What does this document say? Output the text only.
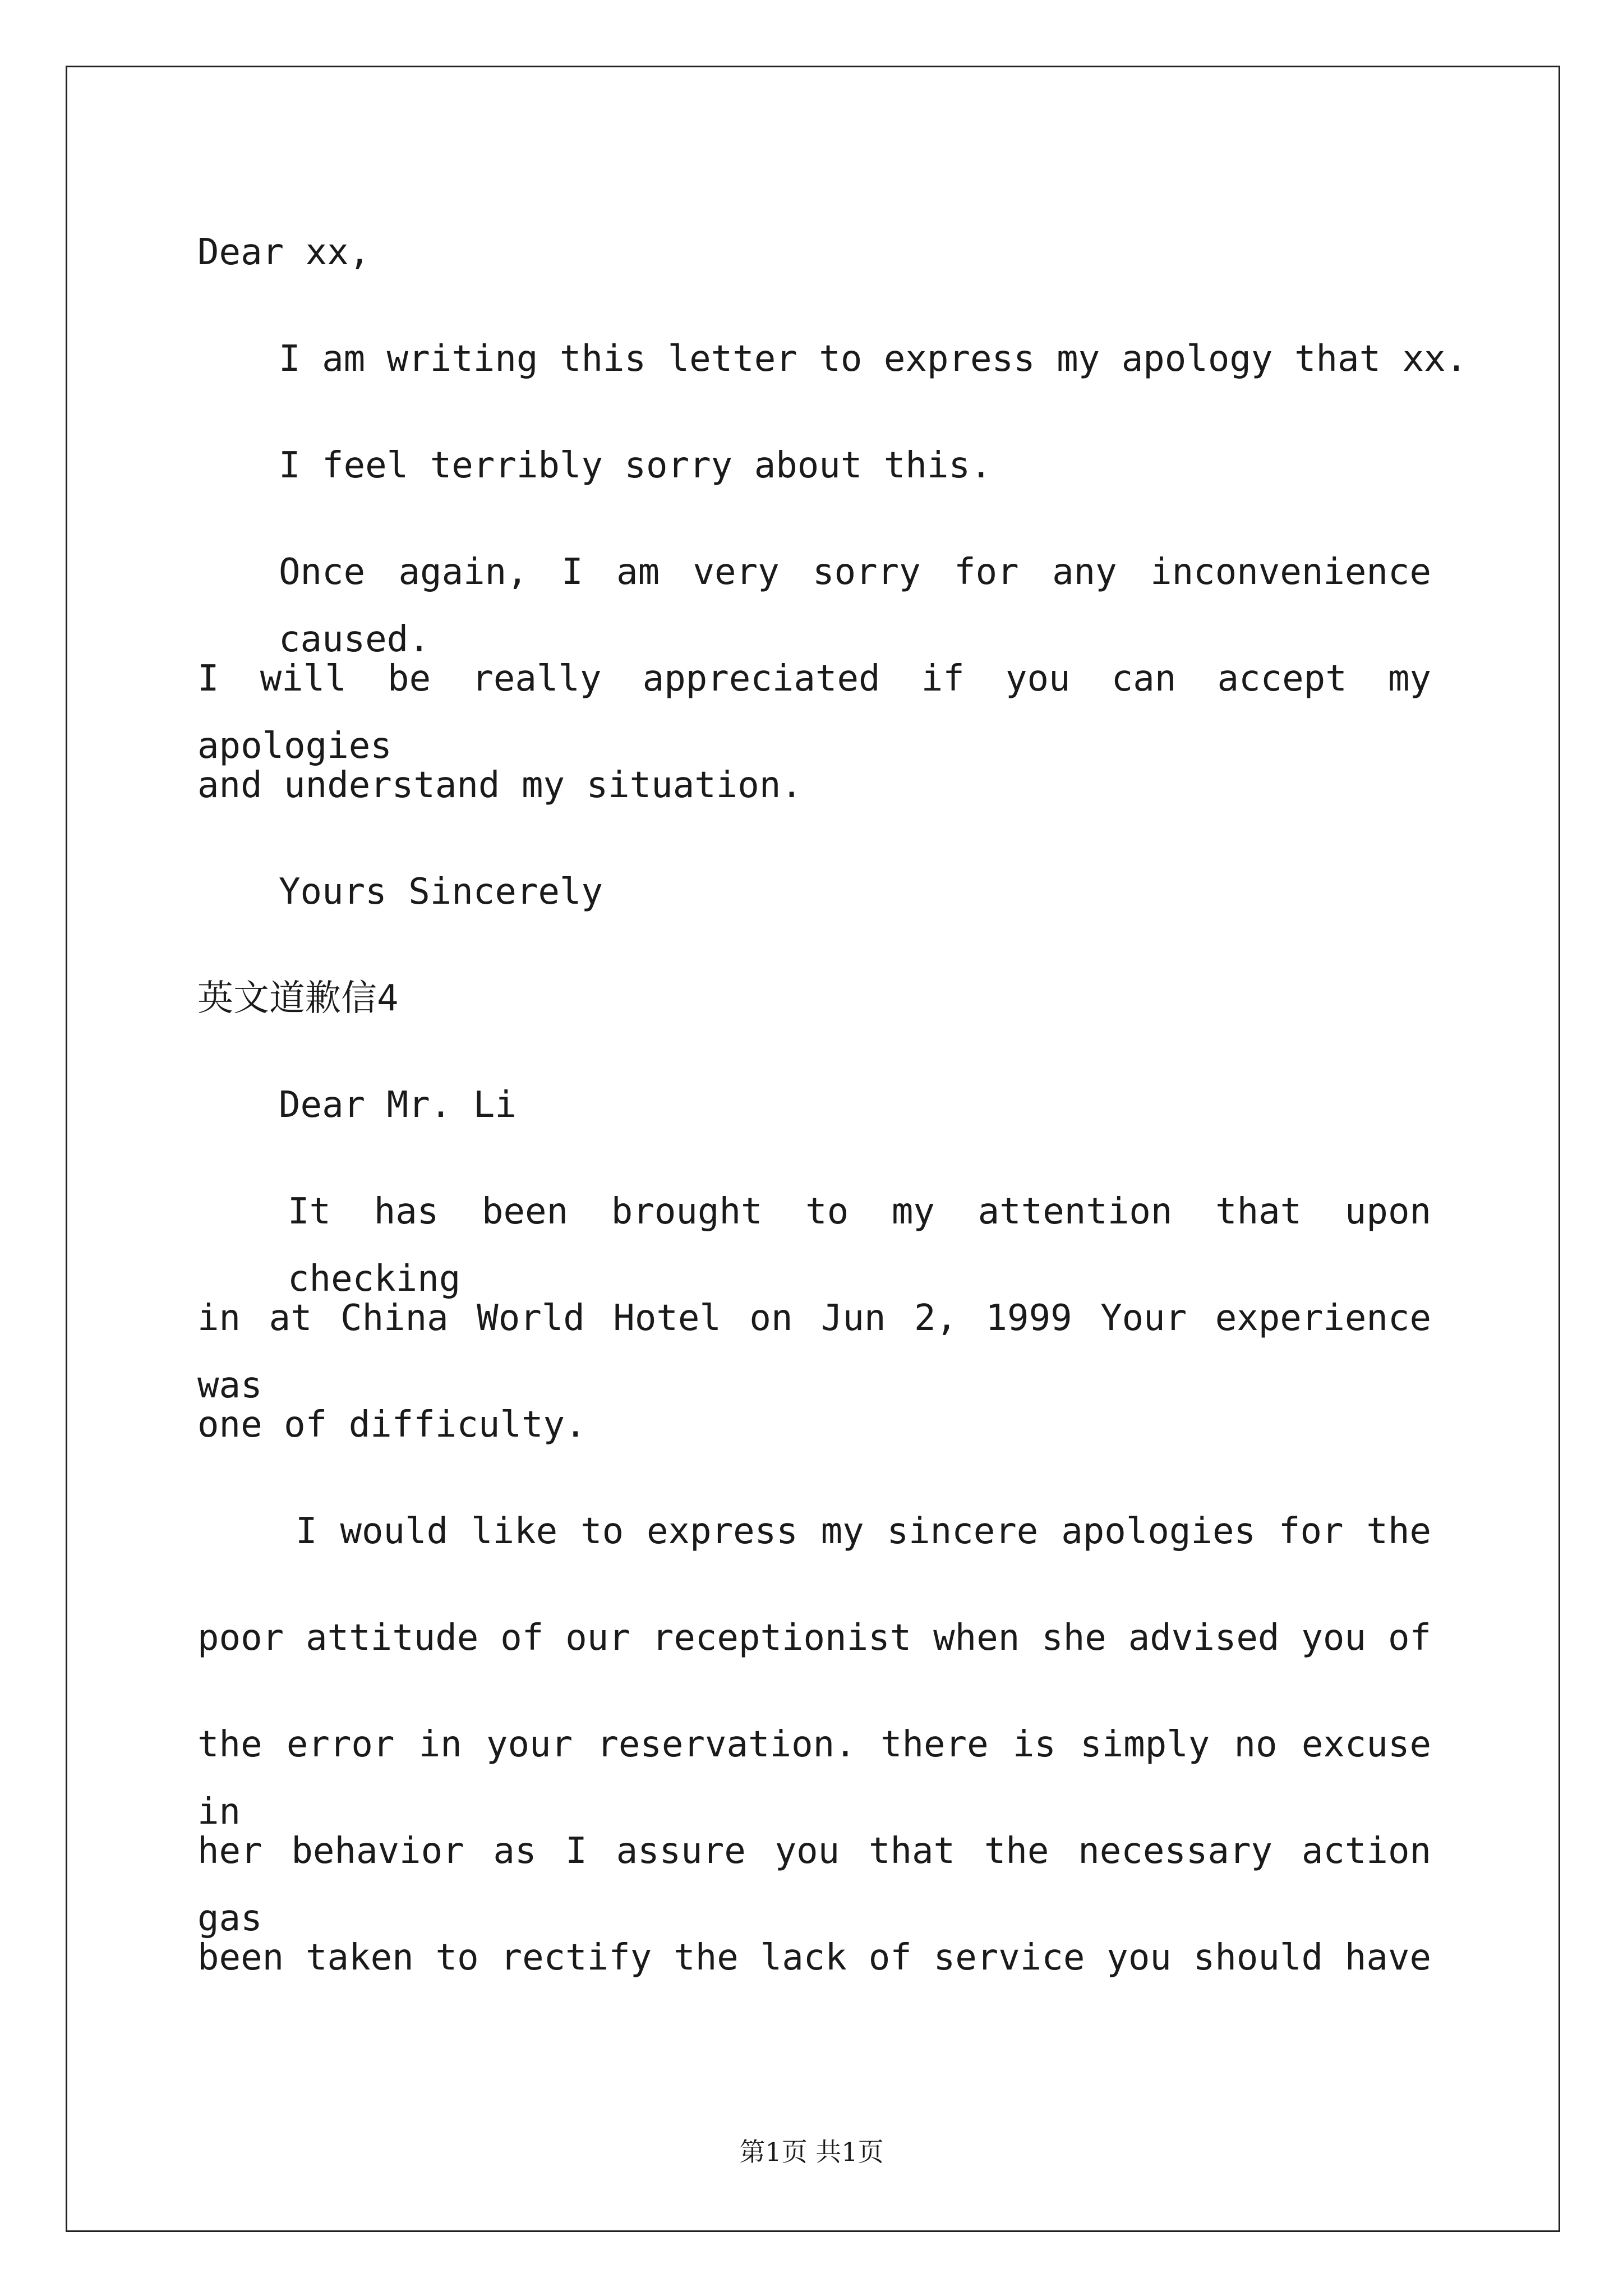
Dear xx,
I am writing this letter to express my apology that xx.
I feel terribly sorry about this.
Once again, I am very sorry for any inconvenience caused.
I will be really appreciated if you can accept my apologies
and understand my situation.
Yours Sincerely
英文道歉信4
Dear Mr. Li
It has been brought to my attention that upon checking
in at China World Hotel on Jun 2, 1999 Your experience was
one of difficulty.
I would like to express my sincere apologies for the
poor attitude of our receptionist when she advised you of
the error in your reservation. there is simply no excuse in
her behavior as I assure you that the necessary action gas
been taken to rectify the lack of service you should have
第1页 共1页
